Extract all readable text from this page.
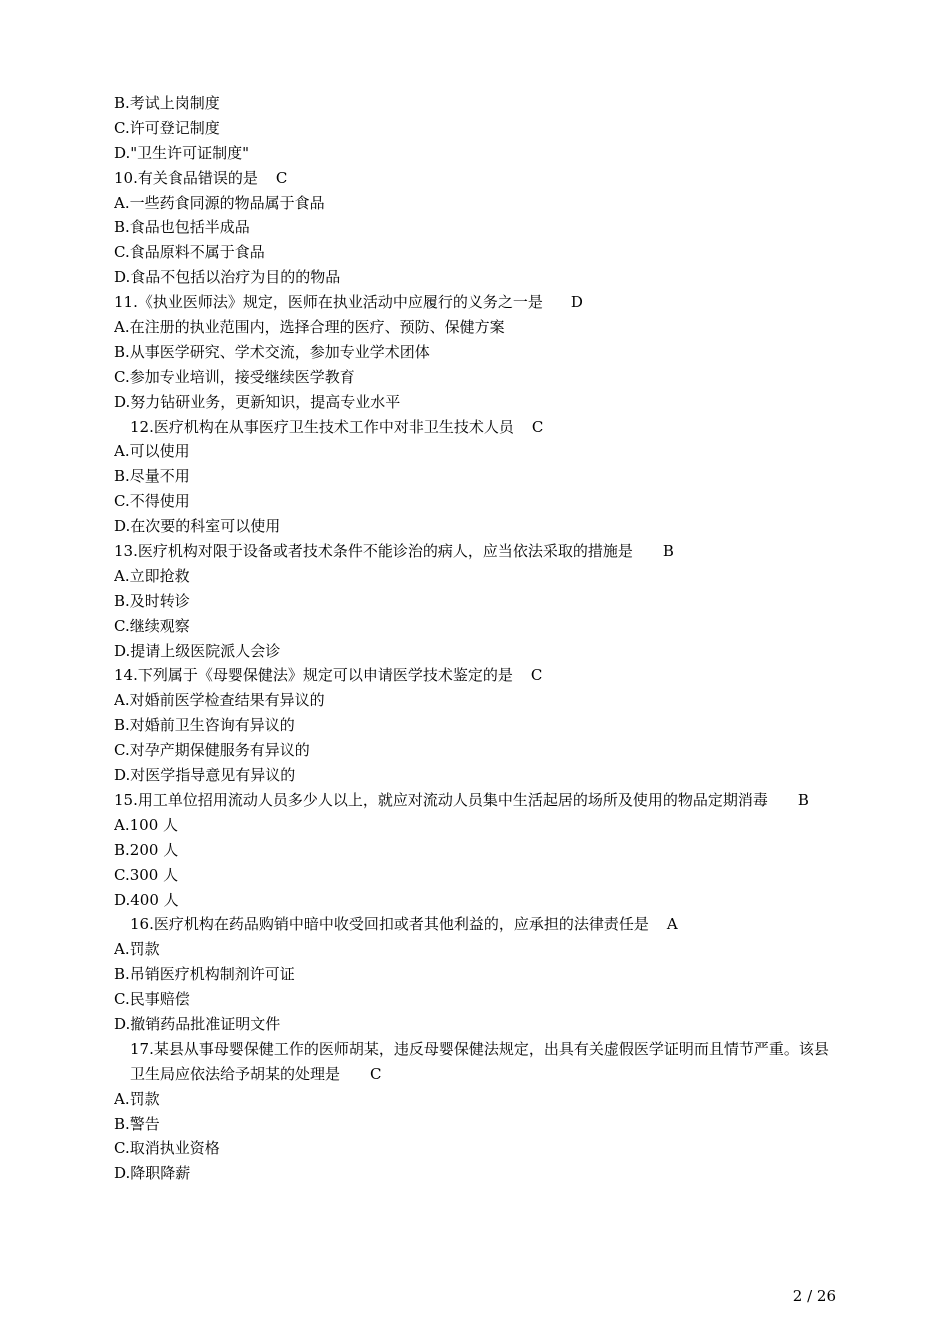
B.考试上岗制度
C.许可登记制度
D."卫生许可证制度"
10.有关食品错误的是 C
A.一些药食同源的物品属于食品
B.食品也包括半成品
C.食品原料不属于食品
D.食品不包括以治疗为目的的物品
11.《执业医师法》规定，医师在执业活动中应履行的义务之一是 D
A.在注册的执业范围内，选择合理的医疗、预防、保健方案
B.从事医学研究、学术交流，参加专业学术团体
C.参加专业培训，接受继续医学教育
D.努力钻研业务，更新知识，提高专业水平
12.医疗机构在从事医疗卫生技术工作中对非卫生技术人员 C
A.可以使用
B.尽量不用
C.不得使用
D.在次要的科室可以使用
13.医疗机构对限于设备或者技术条件不能诊治的病人，应当依法采取的措施是 B
A.立即抢救
B.及时转诊
C.继续观察
D.提请上级医院派人会诊
14.下列属于《母婴保健法》规定可以申请医学技术鉴定的是 C
A.对婚前医学检查结果有异议的
B.对婚前卫生咨询有异议的
C.对孕产期保健服务有异议的
D.对医学指导意见有异议的
15.用工单位招用流动人员多少人以上，就应对流动人员集中生活起居的场所及使用的物品定期消毒 B
A.100 人
B.200 人
C.300 人
D.400 人
16.医疗机构在药品购销中暗中收受回扣或者其他利益的，应承担的法律责任是 A
A.罚款
B.吊销医疗机构制剂许可证
C.民事赔偿
D.撤销药品批准证明文件
17.某县从事母婴保健工作的医师胡某，违反母婴保健法规定，出具有关虚假医学证明而且情节严重。该县卫生局应依法给予胡某的处理是 C
A.罚款
B.警告
C.取消执业资格
D.降职降薪
2 / 26
